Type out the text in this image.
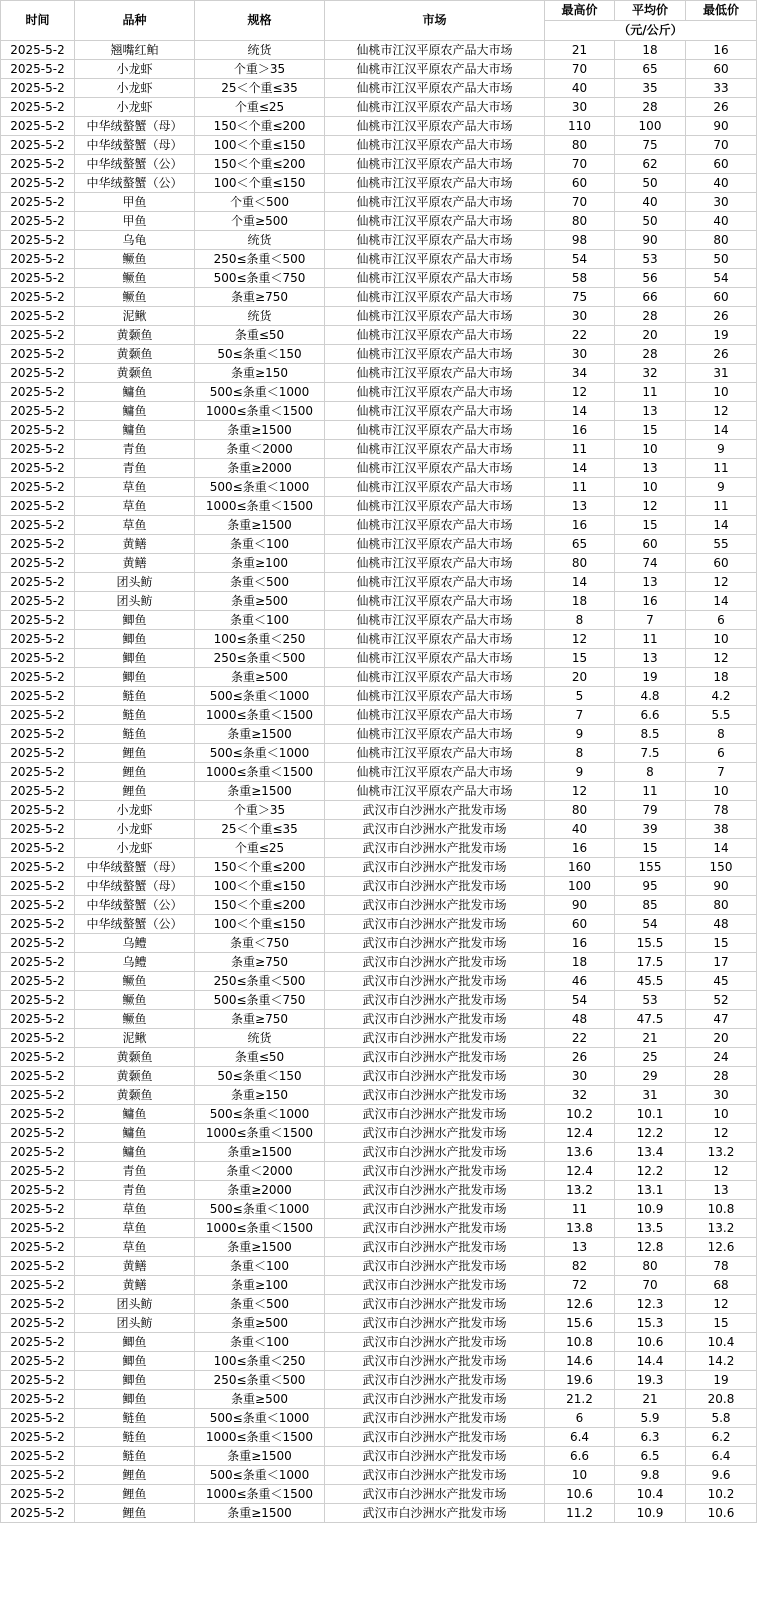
时间	品种	规格	市场	最高价	平均价	最低价
				（元/公斤）		
2025-5-2	翘嘴红鲌	统货	仙桃市江汉平原农产品大市场	21	18	16
2025-5-2	小龙虾	个重＞35	仙桃市江汉平原农产品大市场	70	65	60
2025-5-2	小龙虾	25＜个重≤35	仙桃市江汉平原农产品大市场	40	35	33
2025-5-2	小龙虾	个重≤25	仙桃市江汉平原农产品大市场	30	28	26
2025-5-2	中华绒螯蟹（母）	150＜个重≤200	仙桃市江汉平原农产品大市场	110	100	90
2025-5-2	中华绒螯蟹（母）	100＜个重≤150	仙桃市江汉平原农产品大市场	80	75	70
2025-5-2	中华绒螯蟹（公）	150＜个重≤200	仙桃市江汉平原农产品大市场	70	62	60
2025-5-2	中华绒螯蟹（公）	100＜个重≤150	仙桃市江汉平原农产品大市场	60	50	40
2025-5-2	甲鱼	个重＜500	仙桃市江汉平原农产品大市场	70	40	30
2025-5-2	甲鱼	个重≥500	仙桃市江汉平原农产品大市场	80	50	40
2025-5-2	乌龟	统货	仙桃市江汉平原农产品大市场	98	90	80
2025-5-2	鳜鱼	250≤条重＜500	仙桃市江汉平原农产品大市场	54	53	50
2025-5-2	鳜鱼	500≤条重＜750	仙桃市江汉平原农产品大市场	58	56	54
2025-5-2	鳜鱼	条重≥750	仙桃市江汉平原农产品大市场	75	66	60
2025-5-2	泥鳅	统货	仙桃市江汉平原农产品大市场	30	28	26
2025-5-2	黄颡鱼	条重≤50	仙桃市江汉平原农产品大市场	22	20	19
2025-5-2	黄颡鱼	50≤条重＜150	仙桃市江汉平原农产品大市场	30	28	26
2025-5-2	黄颡鱼	条重≥150	仙桃市江汉平原农产品大市场	34	32	31
2025-5-2	鳙鱼	500≤条重＜1000	仙桃市江汉平原农产品大市场	12	11	10
2025-5-2	鳙鱼	1000≤条重＜1500	仙桃市江汉平原农产品大市场	14	13	12
2025-5-2	鳙鱼	条重≥1500	仙桃市江汉平原农产品大市场	16	15	14
2025-5-2	青鱼	条重＜2000	仙桃市江汉平原农产品大市场	11	10	9
2025-5-2	青鱼	条重≥2000	仙桃市江汉平原农产品大市场	14	13	11
2025-5-2	草鱼	500≤条重＜1000	仙桃市江汉平原农产品大市场	11	10	9
2025-5-2	草鱼	1000≤条重＜1500	仙桃市江汉平原农产品大市场	13	12	11
2025-5-2	草鱼	条重≥1500	仙桃市江汉平原农产品大市场	16	15	14
2025-5-2	黄鳝	条重＜100	仙桃市江汉平原农产品大市场	65	60	55
2025-5-2	黄鳝	条重≥100	仙桃市江汉平原农产品大市场	80	74	60
2025-5-2	团头鲂	条重＜500	仙桃市江汉平原农产品大市场	14	13	12
2025-5-2	团头鲂	条重≥500	仙桃市江汉平原农产品大市场	18	16	14
2025-5-2	鲫鱼	条重＜100	仙桃市江汉平原农产品大市场	8	7	6
2025-5-2	鲫鱼	100≤条重＜250	仙桃市江汉平原农产品大市场	12	11	10
2025-5-2	鲫鱼	250≤条重＜500	仙桃市江汉平原农产品大市场	15	13	12
2025-5-2	鲫鱼	条重≥500	仙桃市江汉平原农产品大市场	20	19	18
2025-5-2	鲢鱼	500≤条重＜1000	仙桃市江汉平原农产品大市场	5	4.8	4.2
2025-5-2	鲢鱼	1000≤条重＜1500	仙桃市江汉平原农产品大市场	7	6.6	5.5
2025-5-2	鲢鱼	条重≥1500	仙桃市江汉平原农产品大市场	9	8.5	8
2025-5-2	鲤鱼	500≤条重＜1000	仙桃市江汉平原农产品大市场	8	7.5	6
2025-5-2	鲤鱼	1000≤条重＜1500	仙桃市江汉平原农产品大市场	9	8	7
2025-5-2	鲤鱼	条重≥1500	仙桃市江汉平原农产品大市场	12	11	10
2025-5-2	小龙虾	个重＞35	武汉市白沙洲水产批发市场	80	79	78
2025-5-2	小龙虾	25＜个重≤35	武汉市白沙洲水产批发市场	40	39	38
2025-5-2	小龙虾	个重≤25	武汉市白沙洲水产批发市场	16	15	14
2025-5-2	中华绒螯蟹（母）	150＜个重≤200	武汉市白沙洲水产批发市场	160	155	150
2025-5-2	中华绒螯蟹（母）	100＜个重≤150	武汉市白沙洲水产批发市场	100	95	90
2025-5-2	中华绒螯蟹（公）	150＜个重≤200	武汉市白沙洲水产批发市场	90	85	80
2025-5-2	中华绒螯蟹（公）	100＜个重≤150	武汉市白沙洲水产批发市场	60	54	48
2025-5-2	乌鳢	条重＜750	武汉市白沙洲水产批发市场	16	15.5	15
2025-5-2	乌鳢	条重≥750	武汉市白沙洲水产批发市场	18	17.5	17
2025-5-2	鳜鱼	250≤条重＜500	武汉市白沙洲水产批发市场	46	45.5	45
2025-5-2	鳜鱼	500≤条重＜750	武汉市白沙洲水产批发市场	54	53	52
2025-5-2	鳜鱼	条重≥750	武汉市白沙洲水产批发市场	48	47.5	47
2025-5-2	泥鳅	统货	武汉市白沙洲水产批发市场	22	21	20
2025-5-2	黄颡鱼	条重≤50	武汉市白沙洲水产批发市场	26	25	24
2025-5-2	黄颡鱼	50≤条重＜150	武汉市白沙洲水产批发市场	30	29	28
2025-5-2	黄颡鱼	条重≥150	武汉市白沙洲水产批发市场	32	31	30
2025-5-2	鳙鱼	500≤条重＜1000	武汉市白沙洲水产批发市场	10.2	10.1	10
2025-5-2	鳙鱼	1000≤条重＜1500	武汉市白沙洲水产批发市场	12.4	12.2	12
2025-5-2	鳙鱼	条重≥1500	武汉市白沙洲水产批发市场	13.6	13.4	13.2
2025-5-2	青鱼	条重＜2000	武汉市白沙洲水产批发市场	12.4	12.2	12
2025-5-2	青鱼	条重≥2000	武汉市白沙洲水产批发市场	13.2	13.1	13
2025-5-2	草鱼	500≤条重＜1000	武汉市白沙洲水产批发市场	11	10.9	10.8
2025-5-2	草鱼	1000≤条重＜1500	武汉市白沙洲水产批发市场	13.8	13.5	13.2
2025-5-2	草鱼	条重≥1500	武汉市白沙洲水产批发市场	13	12.8	12.6
2025-5-2	黄鳝	条重＜100	武汉市白沙洲水产批发市场	82	80	78
2025-5-2	黄鳝	条重≥100	武汉市白沙洲水产批发市场	72	70	68
2025-5-2	团头鲂	条重＜500	武汉市白沙洲水产批发市场	12.6	12.3	12
2025-5-2	团头鲂	条重≥500	武汉市白沙洲水产批发市场	15.6	15.3	15
2025-5-2	鲫鱼	条重＜100	武汉市白沙洲水产批发市场	10.8	10.6	10.4
2025-5-2	鲫鱼	100≤条重＜250	武汉市白沙洲水产批发市场	14.6	14.4	14.2
2025-5-2	鲫鱼	250≤条重＜500	武汉市白沙洲水产批发市场	19.6	19.3	19
2025-5-2	鲫鱼	条重≥500	武汉市白沙洲水产批发市场	21.2	21	20.8
2025-5-2	鲢鱼	500≤条重＜1000	武汉市白沙洲水产批发市场	6	5.9	5.8
2025-5-2	鲢鱼	1000≤条重＜1500	武汉市白沙洲水产批发市场	6.4	6.3	6.2
2025-5-2	鲢鱼	条重≥1500	武汉市白沙洲水产批发市场	6.6	6.5	6.4
2025-5-2	鲤鱼	500≤条重＜1000	武汉市白沙洲水产批发市场	10	9.8	9.6
2025-5-2	鲤鱼	1000≤条重＜1500	武汉市白沙洲水产批发市场	10.6	10.4	10.2
2025-5-2	鲤鱼	条重≥1500	武汉市白沙洲水产批发市场	11.2	10.9	10.6
